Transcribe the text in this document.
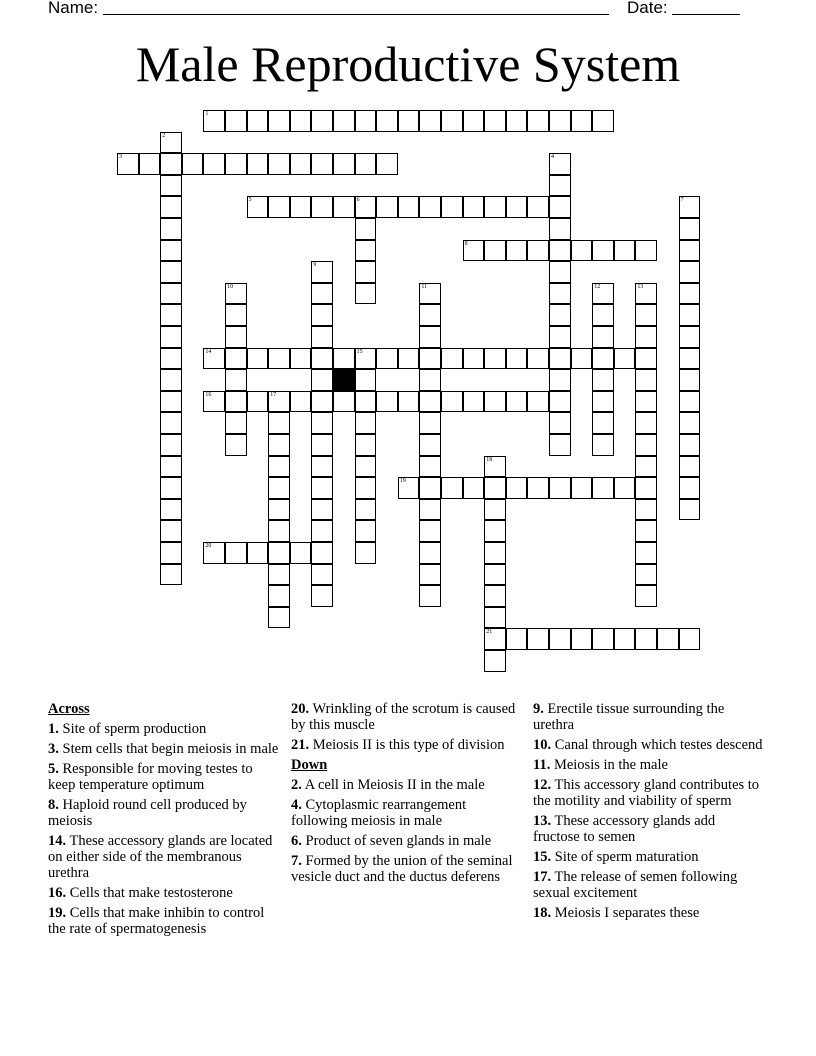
Name:	Date:
Male Reproductive System
1
3
5	6
8
14	15
16	17
19
20
21
2
4
7
9
10	11	12	13
18
Across
1. Site of sperm production
3. Stem cells that begin meiosis in male
5. Responsible for moving testes to keep temperature optimum
8. Haploid round cell produced by meiosis
14. These accessory glands are located on either side of the membranous urethra
16. Cells that make testosterone
19. Cells that make inhibin to control the rate of spermatogenesis
20. Wrinkling of the scrotum is caused by this muscle
21. Meiosis II is this type of division
Down
2. A cell in Meiosis II in the male
4. Cytoplasmic rearrangement following meiosis in male
6. Product of seven glands in male
7. Formed by the union of the seminal vesicle duct and the ductus deferens
9. Erectile tissue surrounding the urethra
10. Canal through which testes descend
11. Meiosis in the male
12. This accessory gland contributes to the motility and viability of sperm
13. These accessory glands add fructose to semen
15. Site of sperm maturation
17. The release of semen following sexual excitement
18. Meiosis I separates these
